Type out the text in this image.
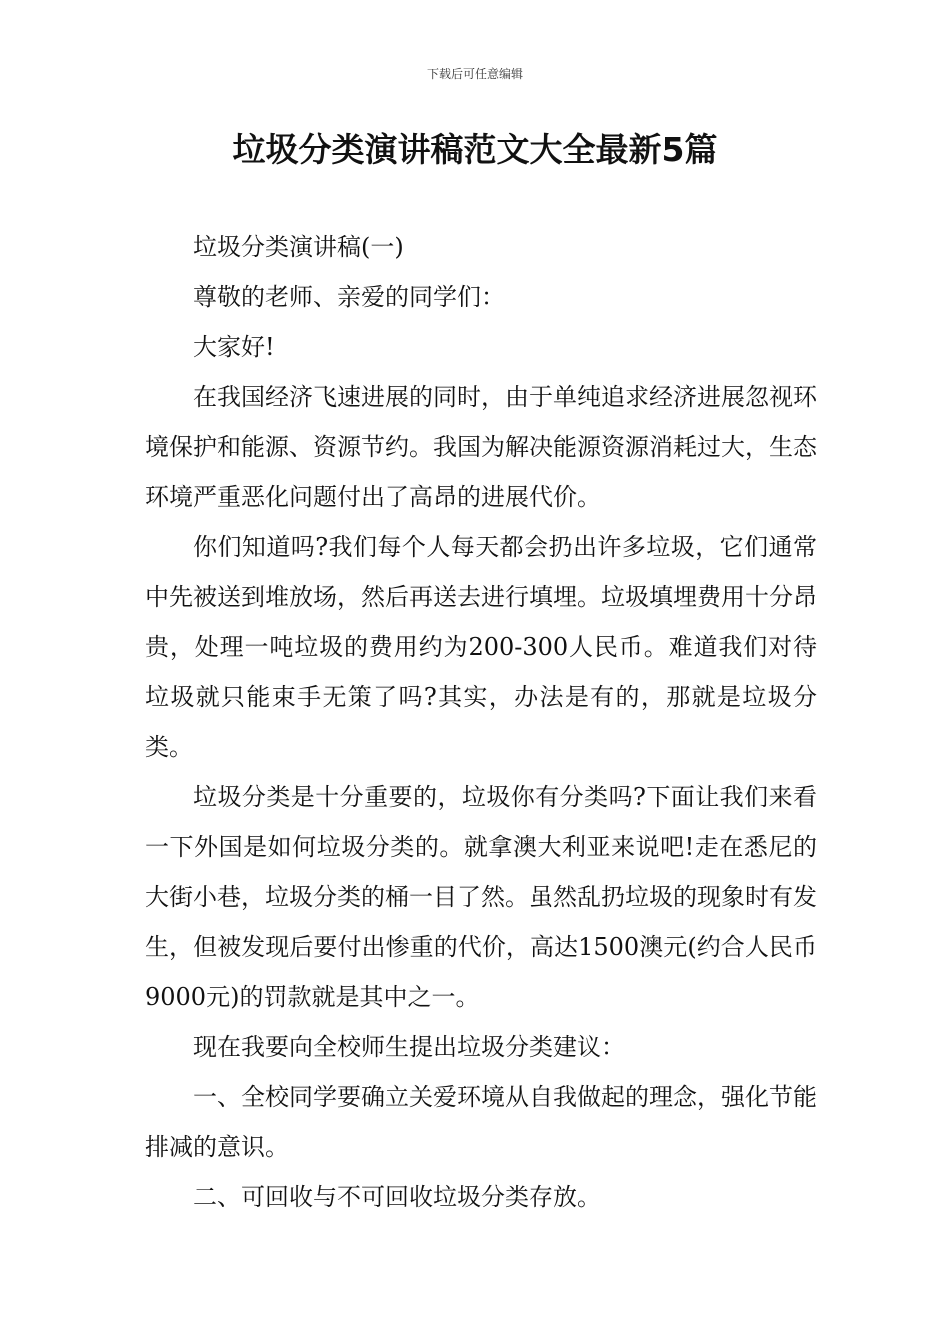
下载后可任意编辑
垃圾分类演讲稿范文大全最新5篇

垃圾分类演讲稿(一)

尊敬的老师、亲爱的同学们：

大家好!

在我国经济飞速进展的同时，由于单纯追求经济进展忽视环境保护和能源、资源节约。我国为解决能源资源消耗过大，生态环境严重恶化问题付出了高昂的进展代价。

你们知道吗?我们每个人每天都会扔出许多垃圾，它们通常中先被送到堆放场，然后再送去进行填埋。垃圾填埋费用十分昂贵，处理一吨垃圾的费用约为200-300人民币。难道我们对待垃圾就只能束手无策了吗?其实，办法是有的，那就是垃圾分类。

垃圾分类是十分重要的，垃圾你有分类吗?下面让我们来看一下外国是如何垃圾分类的。就拿澳大利亚来说吧!走在悉尼的大街小巷，垃圾分类的桶一目了然。虽然乱扔垃圾的现象时有发生，但被发现后要付出惨重的代价，高达1500澳元(约合人民币9000元)的罚款就是其中之一。

现在我要向全校师生提出垃圾分类建议：

一、全校同学要确立关爱环境从自我做起的理念，强化节能排减的意识。

二、可回收与不可回收垃圾分类存放。
